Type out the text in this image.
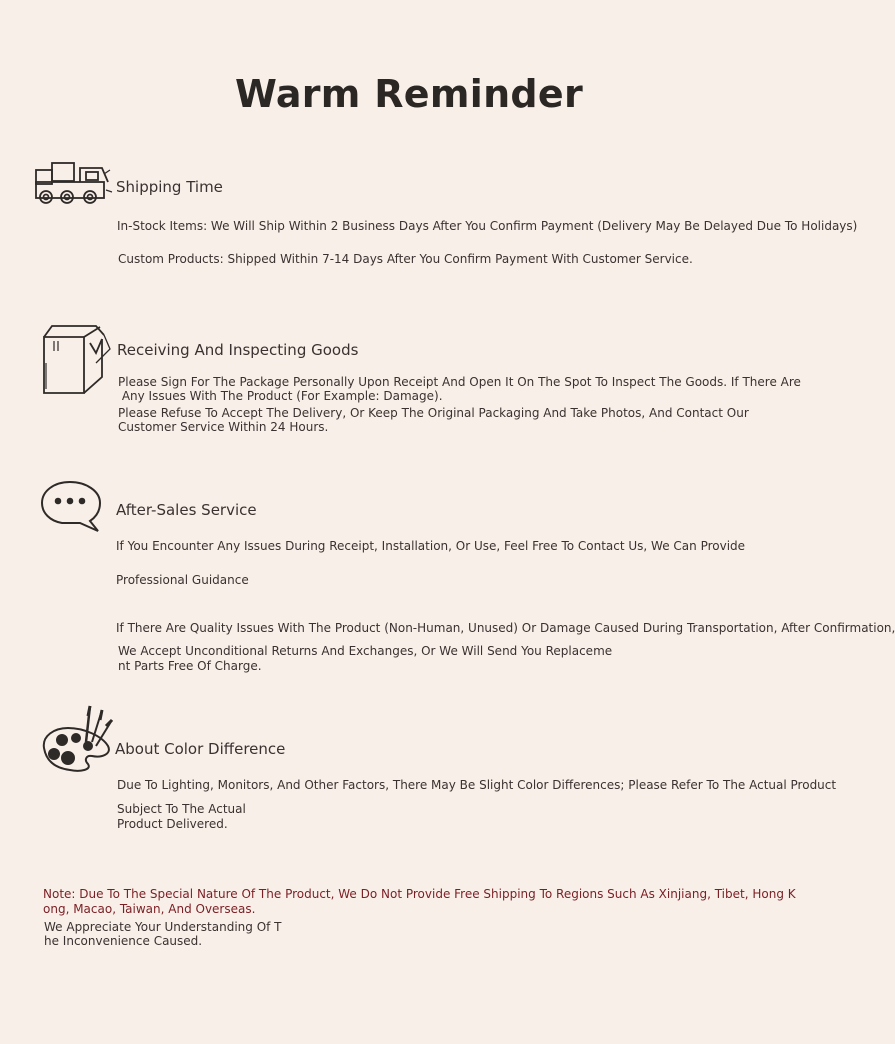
Warm Reminder
Shipping Time
In-Stock Items: We Will Ship Within 2 Business Days After You Confirm Payment (Delivery May Be Delayed Due To Holidays)
Custom Products: Shipped Within 7-14 Days After You Confirm Payment With Customer Service.
Receiving And Inspecting Goods
Please Sign For The Package Personally Upon Receipt And Open It On The Spot To Inspect The Goods. If There Are
Any Issues With The Product (For Example: Damage).
Please Refuse To Accept The Delivery, Or Keep The Original Packaging And Take Photos, And Contact Our
Customer Service Within 24 Hours.
After-Sales Service
If You Encounter Any Issues During Receipt, Installation, Or Use, Feel Free To Contact Us, We Can Provide
Professional Guidance
If There Are Quality Issues With The Product (Non-Human, Unused) Or Damage Caused During Transportation, After Confirmation,
We Accept Unconditional Returns And Exchanges, Or We Will Send You Replaceme
nt Parts Free Of Charge.
About Color Difference
Due To Lighting, Monitors, And Other Factors, There May Be Slight Color Differences; Please Refer To The Actual Product
Subject To The Actual
Product Delivered.
Note: Due To The Special Nature Of The Product, We Do Not Provide Free Shipping To Regions Such As Xinjiang, Tibet, Hong K
ong, Macao, Taiwan, And Overseas.
We Appreciate Your Understanding Of T
he Inconvenience Caused.
